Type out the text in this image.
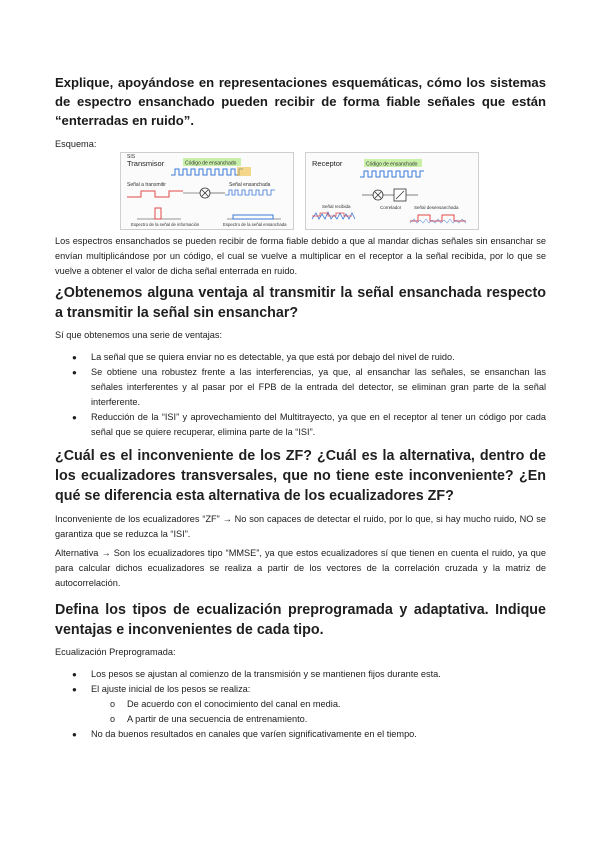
Explique, apoyándose en representaciones esquemáticas, cómo los sistemas de espectro ensanchado pueden recibir de forma fiable señales que están “enterradas en ruido”.

Esquema:

SIS
Transmisor	Código de ensanchado
Señal a transmitir	Señal ensanchada
Espectro de la señal de información	Espectro de la señal ensanchada
Receptor	Código de ensanchado
Correlador
Señal recibida	Señal desensanchada

Los espectros ensanchados se pueden recibir de forma fiable debido a que al mandar dichas señales sin ensanchar se envían multiplicándose por un código, el cual se vuelve a multiplicar en el receptor a la señal recibida, por lo que se vuelve a obtener el valor de dicha señal enterrada en ruido.

¿Obtenemos alguna ventaja al transmitir la señal ensanchada respecto a transmitir la señal sin ensanchar?

Sí que obtenemos una serie de ventajas:

● La señal que se quiera enviar no es detectable, ya que está por debajo del nivel de ruido.
● Se obtiene una robustez frente a las interferencias, ya que, al ensanchar las señales, se ensanchan las señales interferentes y al pasar por el FPB de la entrada del detector, se eliminan gran parte de la señal interferente.
● Reducción de la “ISI” y aprovechamiento del Multitrayecto, ya que en el receptor al tener un código por cada señal que se quiere recuperar, elimina parte de la “ISI”.
¿Cuál es el inconveniente de los ZF? ¿Cuál es la alternativa, dentro de los ecualizadores transversales, que no tiene este inconveniente? ¿En qué se diferencia esta alternativa de los ecualizadores ZF?

Inconveniente de los ecualizadores “ZF” → No son capaces de detectar el ruido, por lo que, si hay mucho ruido, NO se garantiza que se reduzca la “ISI”.

Alternativa → Son los ecualizadores tipo “MMSE”, ya que estos ecualizadores sí que tienen en cuenta el ruido, ya que para calcular dichos ecualizadores se realiza a partir de los vectores de la correlación cruzada y la matriz de autocorrelación.

Defina los tipos de ecualización preprogramada y adaptativa. Indique ventajas e inconvenientes de cada tipo.

Ecualización Preprogramada:

● Los pesos se ajustan al comienzo de la transmisión y se mantienen fijos durante esta.
● El ajuste inicial de los pesos se realiza:
o De acuerdo con el conocimiento del canal en media.
o A partir de una secuencia de entrenamiento.
● No da buenos resultados en canales que varíen significativamente en el tiempo.
